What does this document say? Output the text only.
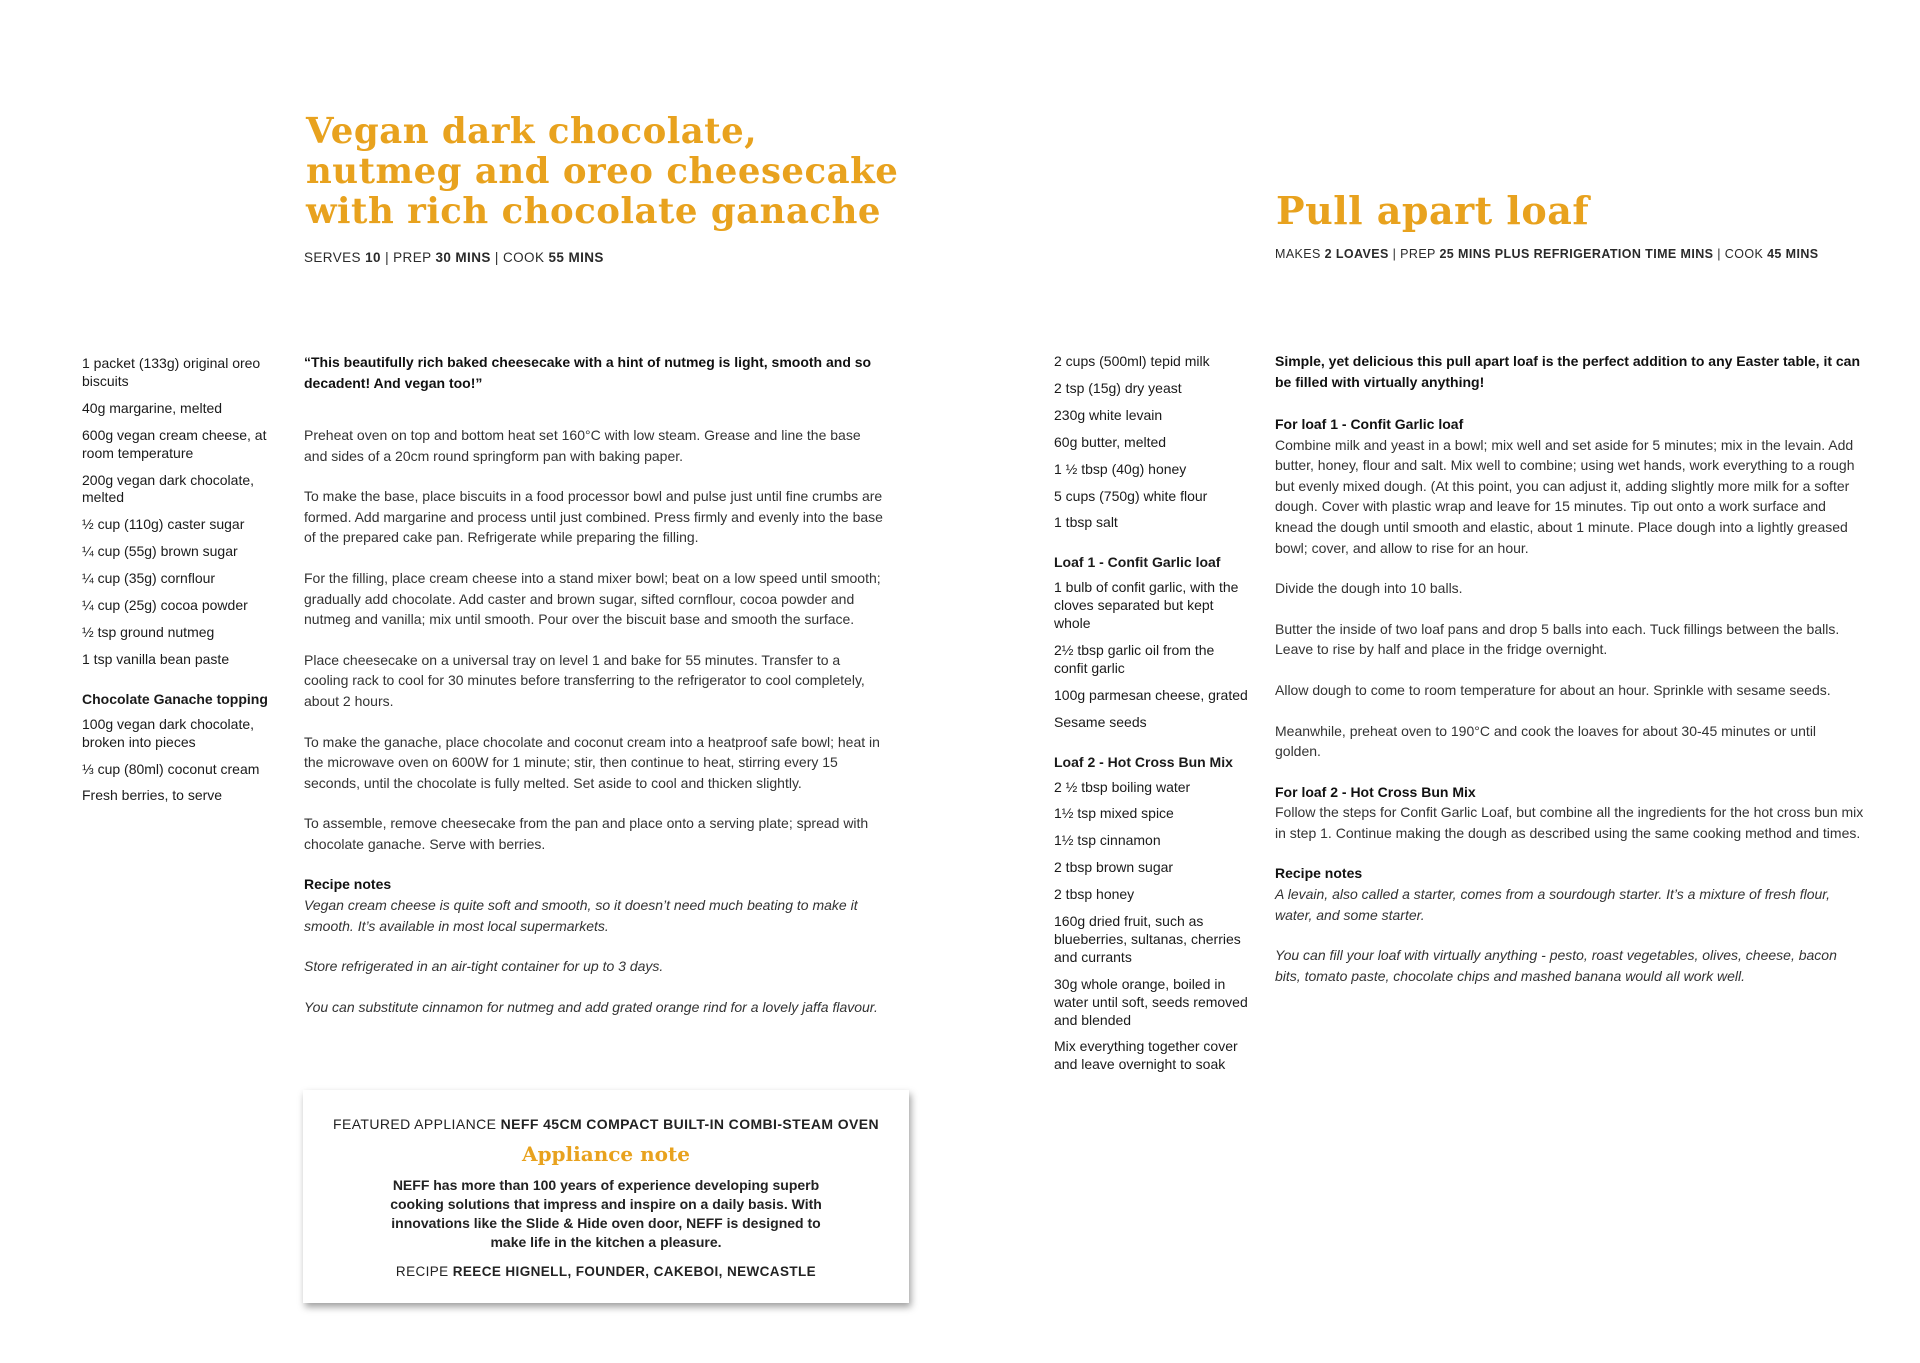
Vegan dark chocolate,
nutmeg and oreo cheesecake
with rich chocolate ganache
SERVES 10 | PREP 30 MINS | COOK 55 MINS
1 packet (133g) original oreo biscuits
40g margarine, melted
600g vegan cream cheese, at room temperature
200g vegan dark chocolate, melted
½ cup (110g) caster sugar
¼ cup (55g) brown sugar
¼ cup (35g) cornflour
¼ cup (25g) cocoa powder
½ tsp ground nutmeg
1 tsp vanilla bean paste
Chocolate Ganache topping
100g vegan dark chocolate, broken into pieces
⅓ cup (80ml) coconut cream
Fresh berries, to serve

“This beautifully rich baked cheesecake with a hint of nutmeg is light, smooth and so decadent! And vegan too!”

Preheat oven on top and bottom heat set 160°C with low steam. Grease and line the base and sides of a 20cm round springform pan with baking paper.

To make the base, place biscuits in a food processor bowl and pulse just until fine crumbs are formed. Add margarine and process until just combined. Press firmly and evenly into the base of the prepared cake pan. Refrigerate while preparing the filling.

For the filling, place cream cheese into a stand mixer bowl; beat on a low speed until smooth; gradually add chocolate. Add caster and brown sugar, sifted cornflour, cocoa powder and nutmeg and vanilla; mix until smooth. Pour over the biscuit base and smooth the surface.

Place cheesecake on a universal tray on level 1 and bake for 55 minutes. Transfer to a cooling rack to cool for 30 minutes before transferring to the refrigerator to cool completely, about 2 hours.

To make the ganache, place chocolate and coconut cream into a heatproof safe bowl; heat in the microwave oven on 600W for 1 minute; stir, then continue to heat, stirring every 15 seconds, until the chocolate is fully melted. Set aside to cool and thicken slightly.

To assemble, remove cheesecake from the pan and place onto a serving plate; spread with chocolate ganache. Serve with berries.

Recipe notes

Vegan cream cheese is quite soft and smooth, so it doesn’t need much beating to make it smooth. It’s available in most local supermarkets.

Store refrigerated in an air-tight container for up to 3 days.

You can substitute cinnamon for nutmeg and add grated orange rind for a lovely jaffa flavour.

FEATURED APPLIANCE NEFF 45CM COMPACT BUILT-IN COMBI-STEAM OVEN
Appliance note
NEFF has more than 100 years of experience developing superb cooking solutions that impress and inspire on a daily basis. With innovations like the Slide & Hide oven door, NEFF is designed to make life in the kitchen a pleasure.
RECIPE REECE HIGNELL, FOUNDER, CAKEBOI, NEWCASTLE
Pull apart loaf
MAKES 2 LOAVES | PREP 25 MINS PLUS REFRIGERATION TIME MINS | COOK 45 MINS
2 cups (500ml) tepid milk
2 tsp (15g) dry yeast
230g white levain
60g butter, melted
1 ½ tbsp (40g) honey
5 cups (750g) white flour
1 tbsp salt
Loaf 1 - Confit Garlic loaf
1 bulb of confit garlic, with the cloves separated but kept whole
2½ tbsp garlic oil from the confit garlic
100g parmesan cheese, grated
Sesame seeds
Loaf 2 - Hot Cross Bun Mix
2 ½ tbsp boiling water
1½ tsp mixed spice
1½ tsp cinnamon
2 tbsp brown sugar
2 tbsp honey
160g dried fruit, such as blueberries, sultanas, cherries and currants
30g whole orange, boiled in water until soft, seeds removed and blended
Mix everything together cover and leave overnight to soak

Simple, yet delicious this pull apart loaf is the perfect addition to any Easter table, it can be filled with virtually anything!

For loaf 1 - Confit Garlic loaf

Combine milk and yeast in a bowl; mix well and set aside for 5 minutes; mix in the levain. Add butter, honey, flour and salt. Mix well to combine; using wet hands, work everything to a rough but evenly mixed dough. (At this point, you can adjust it, adding slightly more milk for a softer dough. Cover with plastic wrap and leave for 15 minutes. Tip out onto a work surface and knead the dough until smooth and elastic, about 1 minute. Place dough into a lightly greased bowl; cover, and allow to rise for an hour.

Divide the dough into 10 balls.

Butter the inside of two loaf pans and drop 5 balls into each. Tuck fillings between the balls. Leave to rise by half and place in the fridge overnight.

Allow dough to come to room temperature for about an hour. Sprinkle with sesame seeds.

Meanwhile, preheat oven to 190°C and cook the loaves for about 30-45 minutes or until golden.

For loaf 2 - Hot Cross Bun Mix

Follow the steps for Confit Garlic Loaf, but combine all the ingredients for the hot cross bun mix in step 1. Continue making the dough as described using the same cooking method and times.

Recipe notes

A levain, also called a starter, comes from a sourdough starter. It’s a mixture of fresh flour, water, and some starter.

You can fill your loaf with virtually anything - pesto, roast vegetables, olives, cheese, bacon bits, tomato paste, chocolate chips and mashed banana would all work well.
